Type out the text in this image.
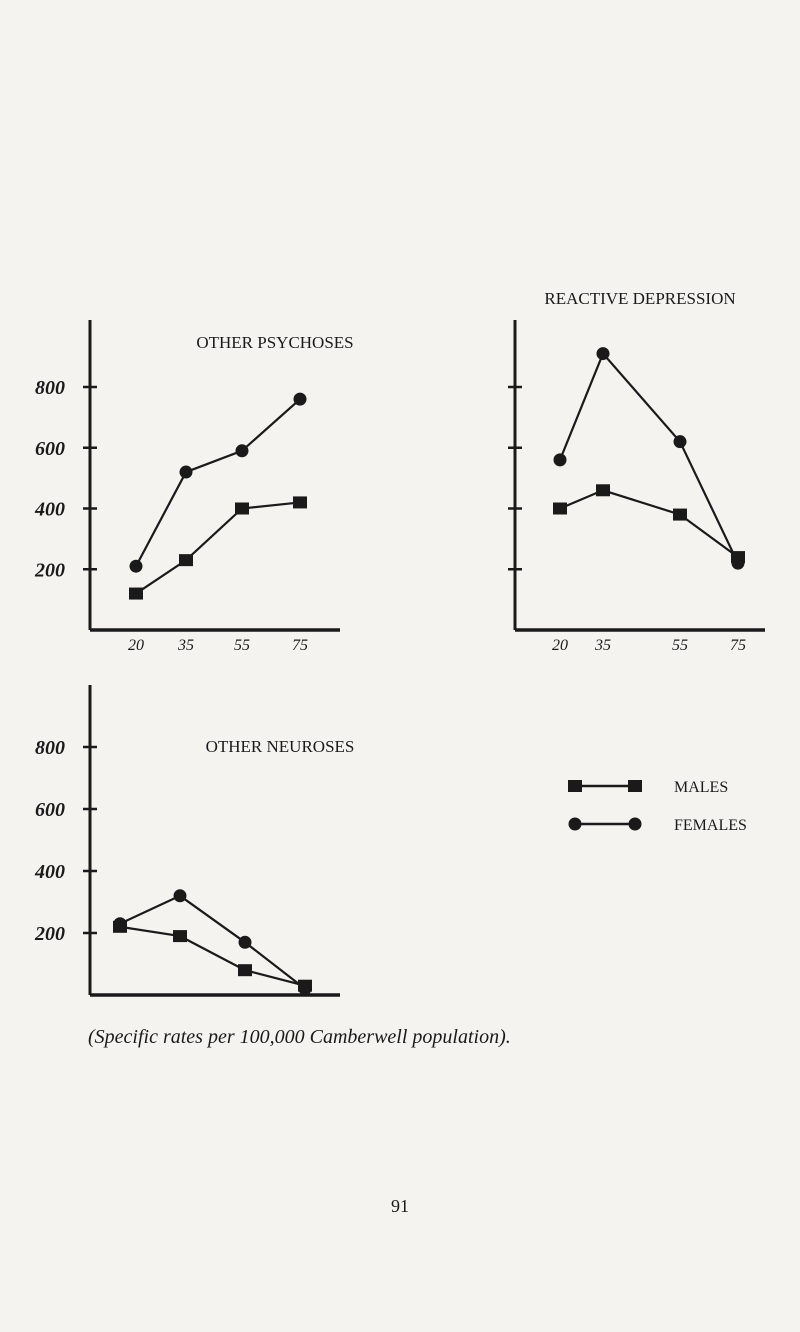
800
600
400
200
OTHER PSYCHOSES
20 35	55	75
REACTIVE DEPRESSION
20 35	55	75
800
600
400
200
OTHER NEUROSES
MALES
FEMALES
(Specific rates per 100,000 Camberwell population).
91
